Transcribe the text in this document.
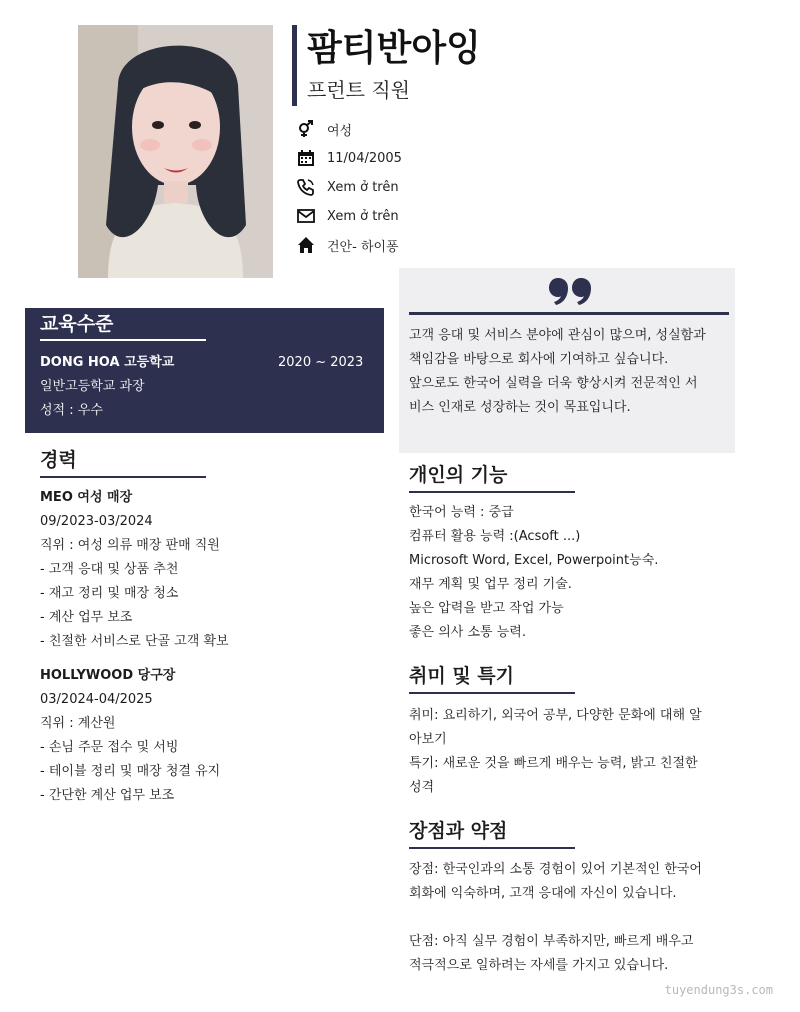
팜티반아잉
프런트 직원
여성
11/04/2005
Xem ở trên
Xem ở trên
건안- 하이퐁
교육수준
DONG HOA 고등학교	2020 ~ 2023
일반고등학교 과장
성적 : 우수
경력
MEO 여성 매장
09/2023-03/2024
직위 : 여성 의류 매장 판매 직원
- 고객 응대 및 상품 추천
- 재고 정리 및 매장 청소
- 계산 업무 보조
- 친절한 서비스로 단골 고객 확보
HOLLYWOOD 당구장
03/2024-04/2025
직위 : 계산원
- 손님 주문 접수 및 서빙
- 테이블 정리 및 매장 청결 유지
- 간단한 계산 업무 보조
고객 응대 및 서비스 분야에 관심이 많으며, 성실함과
책임감을 바탕으로 회사에 기여하고 싶습니다.
앞으로도 한국어 실력을 더욱 향상시켜 전문적인 서
비스 인재로 성장하는 것이 목표입니다.
개인의 기능
한국어 능력 : 중급
컴퓨터 활용 능력 :(Acsoft ...)
Microsoft Word, Excel, Powerpoint능숙.
재무 계획 및 업무 정리 기술.
높은 압력을 받고 작업 가능
좋은 의사 소통 능력.
취미 및 특기
취미: 요리하기, 외국어 공부, 다양한 문화에 대해 알
아보기
특기: 새로운 것을 빠르게 배우는 능력, 밝고 친절한
성격
장점과 약점
장점: 한국인과의 소통 경험이 있어 기본적인 한국어
회화에 익숙하며, 고객 응대에 자신이 있습니다.
단점: 아직 실무 경험이 부족하지만, 빠르게 배우고
적극적으로 일하려는 자세를 가지고 있습니다.
tuyendung3s.com
